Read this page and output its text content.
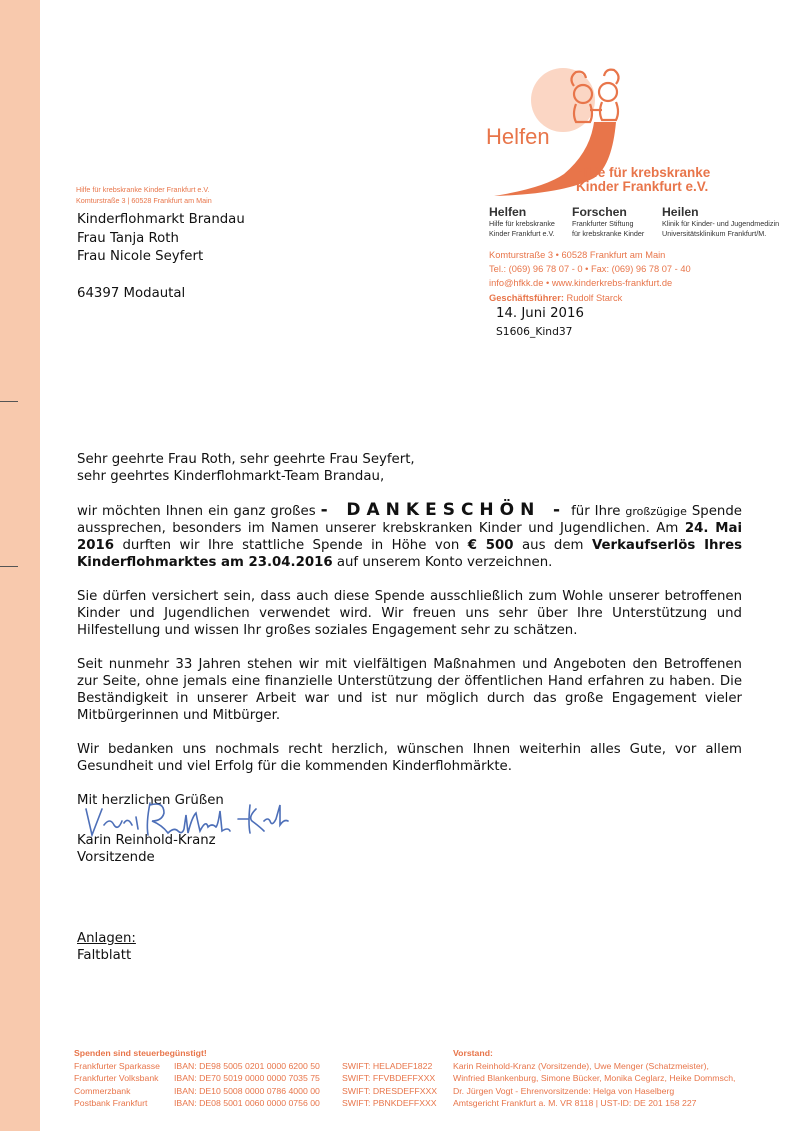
Hilfe für krebskranke Kinder Frankfurt e.V.
Komturstraße 3 | 60528 Frankfurt am Main
Kinderflohmarkt Brandau
Frau Tanja Roth
Frau Nicole Seyfert

64397 Modautal
Helfen
Hilfe für krebskranke
Kinder Frankfurt e.V.
Helfen
Hilfe für krebskranke
Kinder Frankfurt e.V.
Forschen
Frankfurter Stiftung
für krebskranke Kinder
Heilen
Klinik für Kinder- und Jugendmedizin
Universitätsklinikum Frankfurt/M.
Komturstraße 3 • 60528 Frankfurt am Main
Tel.: (069) 96 78 07 - 0 • Fax: (069) 96 78 07 - 40
info@hfkk.de • www.kinderkrebs-frankfurt.de
Geschäftsführer: Rudolf Starck
14. Juni 2016
S1606_Kind37

Sehr geehrte Frau Roth, sehr geehrte Frau Seyfert,
sehr geehrtes Kinderflohmarkt-Team Brandau,

wir möchten Ihnen ein ganz großes - DANKESCHÖN - für Ihre großzügige Spende aussprechen, besonders im Namen unserer krebskranken Kinder und Jugendlichen. Am 24. Mai 2016 durften wir Ihre stattliche Spende in Höhe von € 500 aus dem Verkaufserlös Ihres Kinderflohmarktes am 23.04.2016 auf unserem Konto verzeichnen.

Sie dürfen versichert sein, dass auch diese Spende ausschließlich zum Wohle unserer betroffenen Kinder und Jugendlichen verwendet wird. Wir freuen uns sehr über Ihre Unterstützung und Hilfestellung und wissen Ihr großes soziales Engagement sehr zu schätzen.

Seit nunmehr 33 Jahren stehen wir mit vielfältigen Maßnahmen und Angeboten den Betroffenen zur Seite, ohne jemals eine finanzielle Unterstützung der öffentlichen Hand erfahren zu haben. Die Beständigkeit in unserer Arbeit war und ist nur möglich durch das große Engagement vieler Mitbürgerinnen und Mitbürger.

Wir bedanken uns nochmals recht herzlich, wünschen Ihnen weiterhin alles Gute, vor allem Gesundheit und viel Erfolg für die kommenden Kinderflohmärkte.

Mit herzlichen Grüßen

Karin Reinhold-Kranz
Vorsitzende
Anlagen:
Faltblatt
Spenden sind steuerbegünstigt!
Frankfurter Sparkasse	IBAN: DE98 5005 0201 0000 6200 50	SWIFT: HELADEF1822
Frankfurter Volksbank	IBAN: DE70 5019 0000 0000 7035 75	SWIFT: FFVBDEFFXXX
Commerzbank	IBAN: DE10 5008 0000 0786 4000 00	SWIFT: DRESDEFFXXX
Postbank Frankfurt	IBAN: DE08 5001 0060 0000 0756 00	SWIFT: PBNKDEFFXXX
Vorstand:
Karin Reinhold-Kranz (Vorsitzende), Uwe Menger (Schatzmeister),
Winfried Blankenburg, Simone Bücker, Monika Ceglarz, Heike Dommsch,
Dr. Jürgen Vogt - Ehrenvorsitzende: Helga von Haselberg
Amtsgericht Frankfurt a. M. VR 8118 | UST-ID: DE 201 158 227
